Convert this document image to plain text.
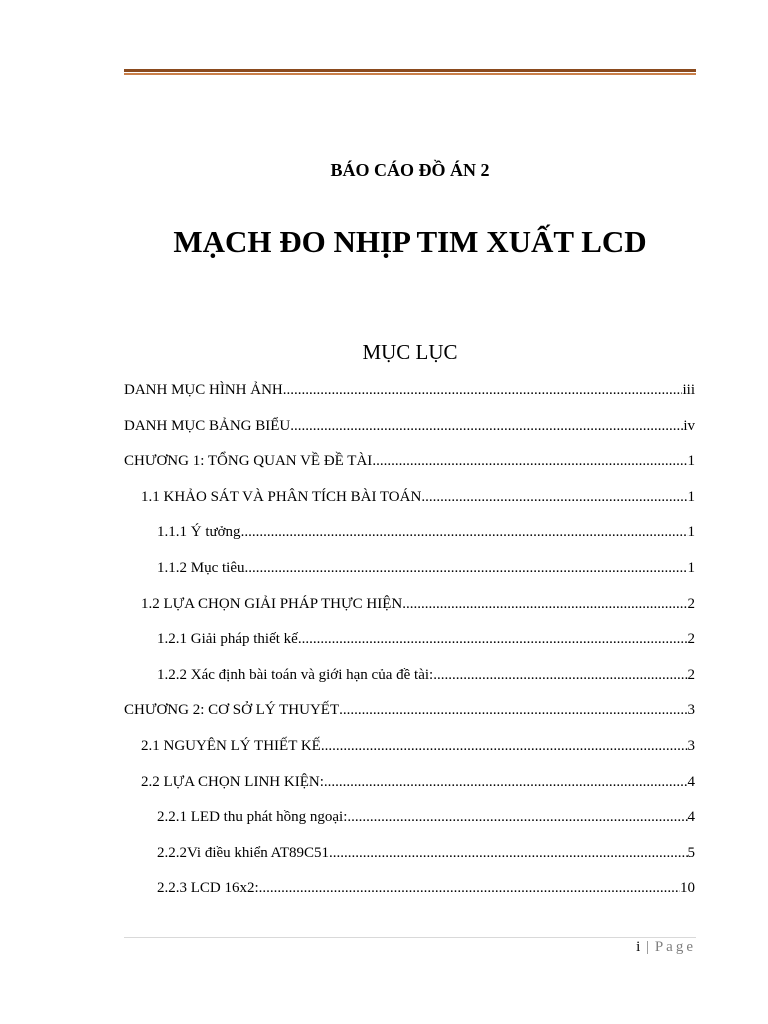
BÁO CÁO ĐỒ ÁN 2
MẠCH ĐO NHỊP TIM XUẤT LCD
MỤC LỤC
DANH MỤC HÌNH ẢNH .....	iii
DANH MỤC BẢNG BIỂU .....	iv
CHƯƠNG 1: TỔNG QUAN VỀ ĐỀ TÀI .....	1
1.1 KHẢO SÁT VÀ PHÂN TÍCH BÀI TOÁN .....	1
1.1.1 Ý tưởng .....	1
1.1.2 Mục tiêu .....	1
1.2 LỰA CHỌN GIẢI PHÁP THỰC HIỆN .....	2
1.2.1 Giải pháp thiết kế .....	2
1.2.2 Xác định bài toán và giới hạn của đề tài: .....	2
CHƯƠNG 2: CƠ SỞ LÝ THUYẾT .....	3
2.1 NGUYÊN LÝ THIẾT KẾ .....	3
2.2 LỰA CHỌN LINH KIỆN: .....	4
2.2.1 LED thu phát hồng ngoại: .....	4
2.2.2Vi điều khiển AT89C51 .....	5
2.2.3 LCD 16x2: .....	10
i | Page
